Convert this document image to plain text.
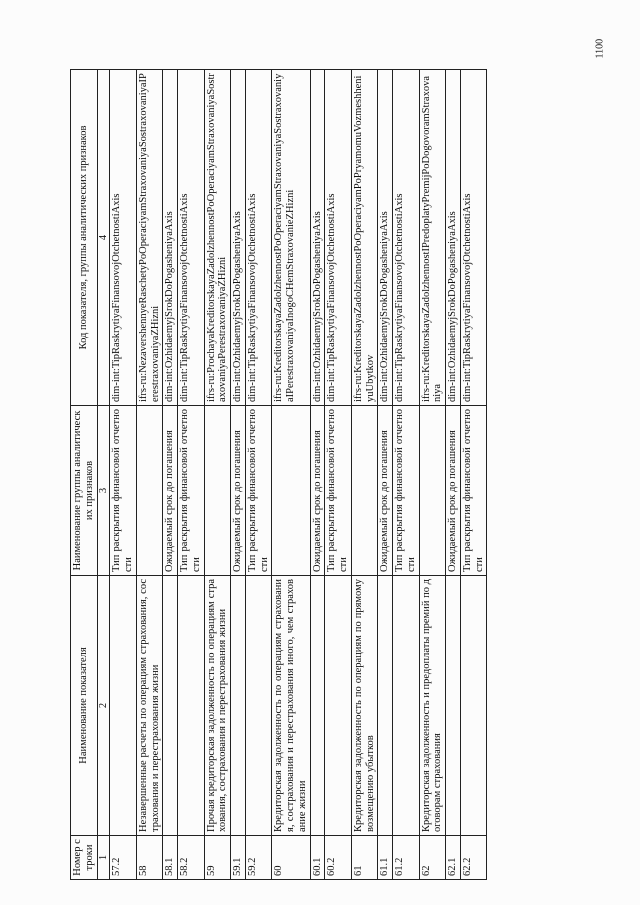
Номер строки	Наименование показателя	Наименование группы аналитических признаков	Код показателя, группы аналитических признаков
1	2	3	4
57.2		Тип раскрытия финансовой отчетности	dim-int:TipRaskrytiyaFinansovojOtchetnostiAxis
58	Незавершенные расчеты по операциям страхования, сострахования и перестрахования жизни		ifrs-ru:NezavershennyeRaschetyPoOperaciyamStraxovaniyaSostraxovaniyaIPerestraxovaniyaZHizni
58.1		Ожидаемый срок до погашения	dim-int:OzhidaemyjSrokDoPogasheniyaAxis
58.2		Тип раскрытия финансовой отчетности	dim-int:TipRaskrytiyaFinansovojOtchetnostiAxis
59	Прочая кредиторская задолженность по операциям страхования, сострахования и перестрахования жизни		ifrs-ru:ProchayaKreditorskayaZadolzhennostPoOperaciyamStraxovaniyaSostraxovaniyaPerestraxovaniyaZHizni
59.1		Ожидаемый срок до погашения	dim-int:OzhidaemyjSrokDoPogasheniyaAxis
59.2		Тип раскрытия финансовой отчетности	dim-int:TipRaskrytiyaFinansovojOtchetnostiAxis
60	Кредиторская задолженность по операциям страхования, сострахования и перестрахования иного, чем страхование жизни		ifrs-ru:KreditorskayaZadolzhennostPoOperaciyamStraxovaniyaSostraxovaniyaIPerestraxovaniyaInogoCHemStraxovanieZHizni
60.1		Ожидаемый срок до погашения	dim-int:OzhidaemyjSrokDoPogasheniyaAxis
60.2		Тип раскрытия финансовой отчетности	dim-int:TipRaskrytiyaFinansovojOtchetnostiAxis
61	Кредиторская задолженность по операциям по прямому возмещению убытков		ifrs-ru:KreditorskayaZadolzhennostPoOperaciyamPoPryamomuVozmeshheniyuUbytkov
61.1		Ожидаемый срок до погашения	dim-int:OzhidaemyjSrokDoPogasheniyaAxis
61.2		Тип раскрытия финансовой отчетности	dim-int:TipRaskrytiyaFinansovojOtchetnostiAxis
62	Кредиторская задолженность и предоплаты премий по договорам страхования		ifrs-ru:KreditorskayaZadolzhennostIPredoplatyPremijPoDogovoramStraxovaniya
62.1		Ожидаемый срок до погашения	dim-int:OzhidaemyjSrokDoPogasheniyaAxis
62.2		Тип раскрытия финансовой отчетности	dim-int:TipRaskrytiyaFinansovojOtchetnostiAxis
1100
